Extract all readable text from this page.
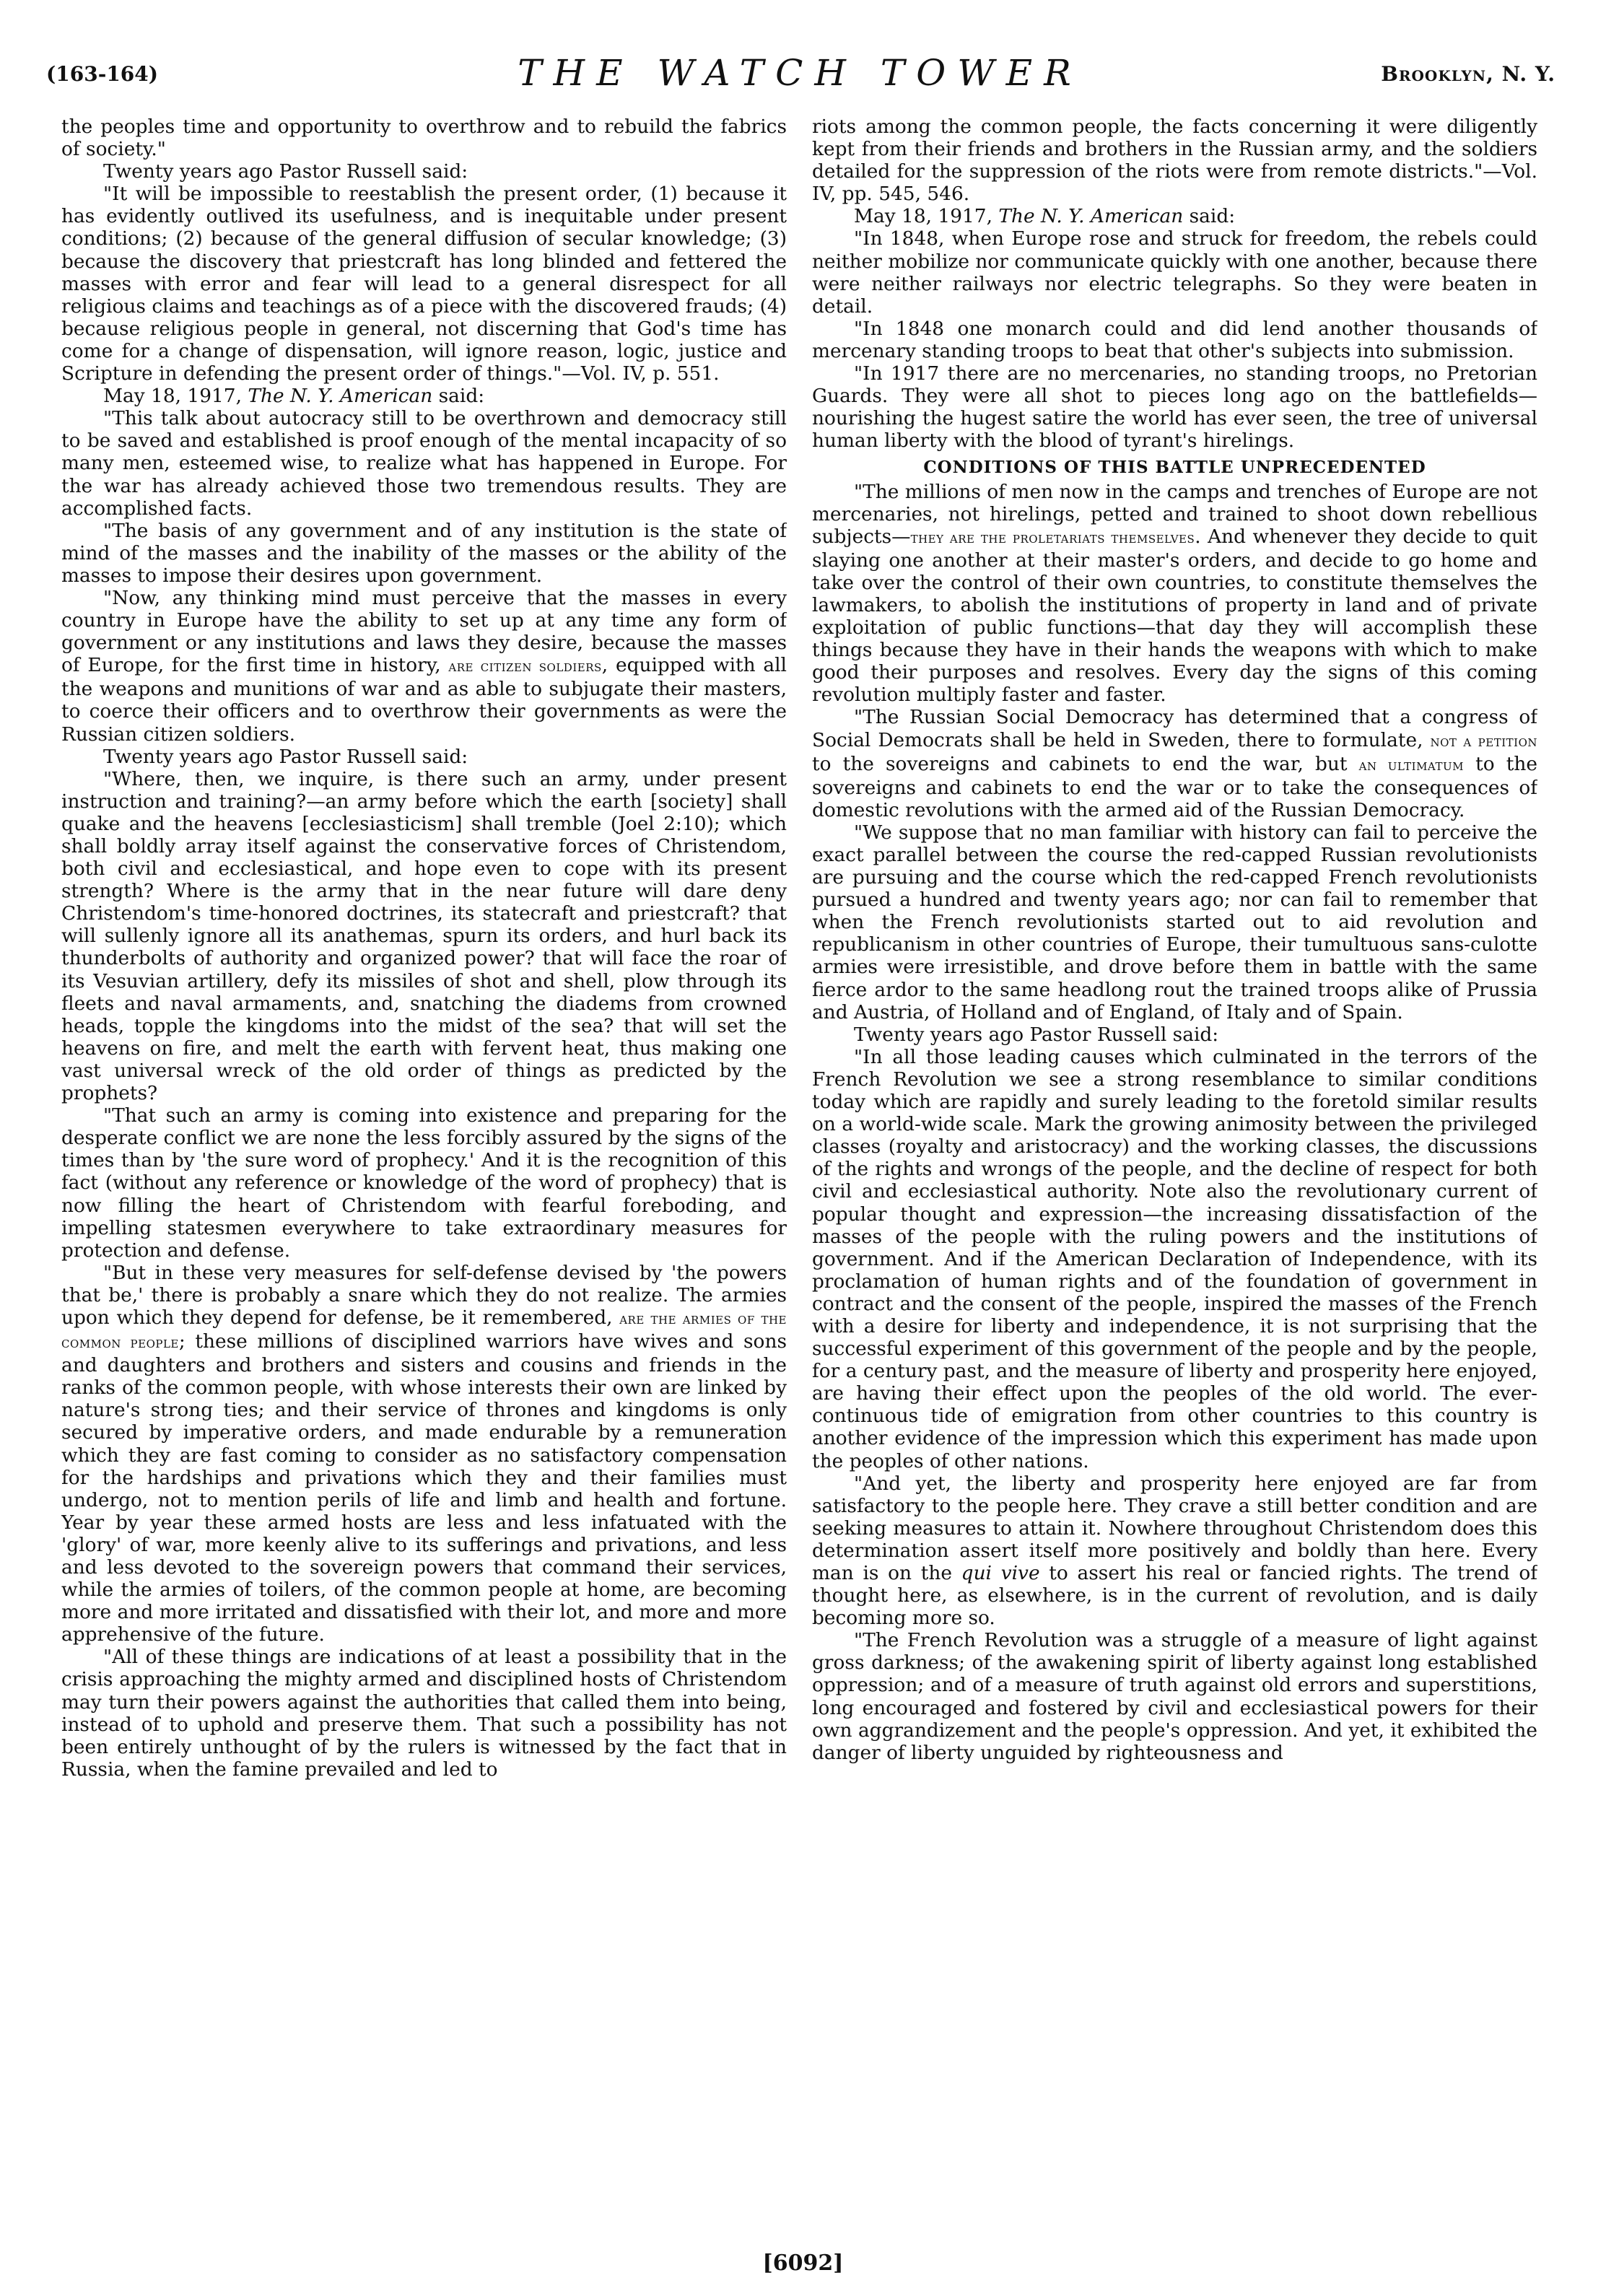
(163-164)	THE WATCH TOWER	Brooklyn, N. Y.

the peoples time and opportunity to overthrow and to rebuild the fabrics of society."

Twenty years ago Pastor Russell said:

"It will be impossible to reestablish the present order, (1) because it has evidently outlived its usefulness, and is inequitable under present conditions; (2) because of the general diffusion of secular knowledge; (3) because the discovery that priestcraft has long blinded and fettered the masses with error and fear will lead to a general disrespect for all religious claims and teachings as of a piece with the discovered frauds; (4) because religious people in general, not discerning that God's time has come for a change of dispensation, will ignore reason, logic, justice and Scripture in defending the present order of things."—Vol. IV, p. 551.

May 18, 1917, The N. Y. American said:

"This talk about autocracy still to be overthrown and democracy still to be saved and established is proof enough of the mental incapacity of so many men, esteemed wise, to realize what has happened in Europe. For the war has already achieved those two tremendous results. They are accomplished facts.

"The basis of any government and of any institution is the state of mind of the masses and the inability of the masses or the ability of the masses to impose their desires upon government.

"Now, any thinking mind must perceive that the masses in every country in Europe have the ability to set up at any time any form of government or any institutions and laws they desire, because the masses of Europe, for the first time in history, are citizen soldiers, equipped with all the weapons and munitions of war and as able to subjugate their masters, to coerce their officers and to overthrow their governments as were the Russian citizen soldiers.

Twenty years ago Pastor Russell said:

"Where, then, we inquire, is there such an army, under present instruction and training?—an army before which the earth [society] shall quake and the heavens [ecclesiasticism] shall tremble (Joel 2:10); which shall boldly array itself against the conservative forces of Christendom, both civil and ecclesiastical, and hope even to cope with its present strength? Where is the army that in the near future will dare deny Christendom's time-honored doctrines, its statecraft and priestcraft? that will sullenly ignore all its anathemas, spurn its orders, and hurl back its thunderbolts of authority and organized power? that will face the roar of its Vesuvian artillery, defy its missiles of shot and shell, plow through its fleets and naval armaments, and, snatching the diadems from crowned heads, topple the kingdoms into the midst of the sea? that will set the heavens on fire, and melt the earth with fervent heat, thus making one vast universal wreck of the old order of things as predicted by the prophets?

"That such an army is coming into existence and preparing for the desperate conflict we are none the less forcibly assured by the signs of the times than by 'the sure word of prophecy.' And it is the recognition of this fact (without any reference or knowledge of the word of prophecy) that is now filling the heart of Christendom with fearful foreboding, and impelling statesmen everywhere to take extraordinary measures for protection and defense.

"But in these very measures for self-defense devised by 'the powers that be,' there is probably a snare which they do not realize. The armies upon which they depend for defense, be it remembered, are the armies of the common people; these millions of disciplined warriors have wives and sons and daughters and brothers and sisters and cousins and friends in the ranks of the common people, with whose interests their own are linked by nature's strong ties; and their service of thrones and kingdoms is only secured by imperative orders, and made endurable by a remuneration which they are fast coming to consider as no satisfactory compensation for the hardships and privations which they and their families must undergo, not to mention perils of life and limb and health and fortune. Year by year these armed hosts are less and less infatuated with the 'glory' of war, more keenly alive to its sufferings and privations, and less and less devoted to the sovereign powers that command their services, while the armies of toilers, of the common people at home, are becoming more and more irritated and dissatisfied with their lot, and more and more apprehensive of the future.

"All of these things are indications of at least a possibility that in the crisis approaching the mighty armed and disciplined hosts of Christendom may turn their powers against the authorities that called them into being, instead of to uphold and preserve them. That such a possibility has not been entirely unthought of by the rulers is witnessed by the fact that in Russia, when the famine prevailed and led to

riots among the common people, the facts concerning it were diligently kept from their friends and brothers in the Russian army, and the soldiers detailed for the suppression of the riots were from remote districts."—Vol. IV, pp. 545, 546.

May 18, 1917, The N. Y. American said:

"In 1848, when Europe rose and struck for freedom, the rebels could neither mobilize nor communicate quickly with one another, because there were neither railways nor electric telegraphs. So they were beaten in detail.

"In 1848 one monarch could and did lend another thousands of mercenary standing troops to beat that other's subjects into submission.

"In 1917 there are no mercenaries, no standing troops, no Pretorian Guards. They were all shot to pieces long ago on the battlefields—nourishing the hugest satire the world has ever seen, the tree of universal human liberty with the blood of tyrant's hirelings.

CONDITIONS OF THIS BATTLE UNPRECEDENTED

"The millions of men now in the camps and trenches of Europe are not mercenaries, not hirelings, petted and trained to shoot down rebellious subjects—they are the proletariats themselves. And whenever they decide to quit slaying one another at their master's orders, and decide to go home and take over the control of their own countries, to constitute themselves the lawmakers, to abolish the institutions of property in land and of private exploitation of public functions—that day they will accomplish these things because they have in their hands the weapons with which to make good their purposes and resolves. Every day the signs of this coming revolution multiply faster and faster.

"The Russian Social Democracy has determined that a congress of Social Democrats shall be held in Sweden, there to formulate, not a petition to the sovereigns and cabinets to end the war, but an ultimatum to the sovereigns and cabinets to end the war or to take the consequences of domestic revolutions with the armed aid of the Russian Democracy.

"We suppose that no man familiar with history can fail to perceive the exact parallel between the course the red-capped Russian revolutionists are pursuing and the course which the red-capped French revolutionists pursued a hundred and twenty years ago; nor can fail to remember that when the French revolutionists started out to aid revolution and republicanism in other countries of Europe, their tumultuous sans-culotte armies were irresistible, and drove before them in battle with the same fierce ardor to the same headlong rout the trained troops alike of Prussia and Austria, of Holland and of England, of Italy and of Spain.

Twenty years ago Pastor Russell said:

"In all those leading causes which culminated in the terrors of the French Revolution we see a strong resemblance to similar conditions today which are rapidly and surely leading to the foretold similar results on a world-wide scale. Mark the growing animosity between the privileged classes (royalty and aristocracy) and the working classes, the discussions of the rights and wrongs of the people, and the decline of respect for both civil and ecclesiastical authority. Note also the revolutionary current of popular thought and expression—the increasing dissatisfaction of the masses of the people with the ruling powers and the institutions of government. And if the American Declaration of Independence, with its proclamation of human rights and of the foundation of government in contract and the consent of the people, inspired the masses of the French with a desire for liberty and independence, it is not surprising that the successful experiment of this government of the people and by the people, for a century past, and the measure of liberty and prosperity here enjoyed, are having their effect upon the peoples of the old world. The ever-continuous tide of emigration from other countries to this country is another evidence of the impression which this experiment has made upon the peoples of other nations.

"And yet, the liberty and prosperity here enjoyed are far from satisfactory to the people here. They crave a still better condition and are seeking measures to attain it. Nowhere throughout Christendom does this determination assert itself more positively and boldly than here. Every man is on the qui vive to assert his real or fancied rights. The trend of thought here, as elsewhere, is in the current of revolution, and is daily becoming more so.

"The French Revolution was a struggle of a measure of light against gross darkness; of the awakening spirit of liberty against long established oppression; and of a measure of truth against old errors and superstitions, long encouraged and fostered by civil and ecclesiastical powers for their own aggrandizement and the people's oppression. And yet, it exhibited the danger of liberty unguided by righteousness and

[6092]
